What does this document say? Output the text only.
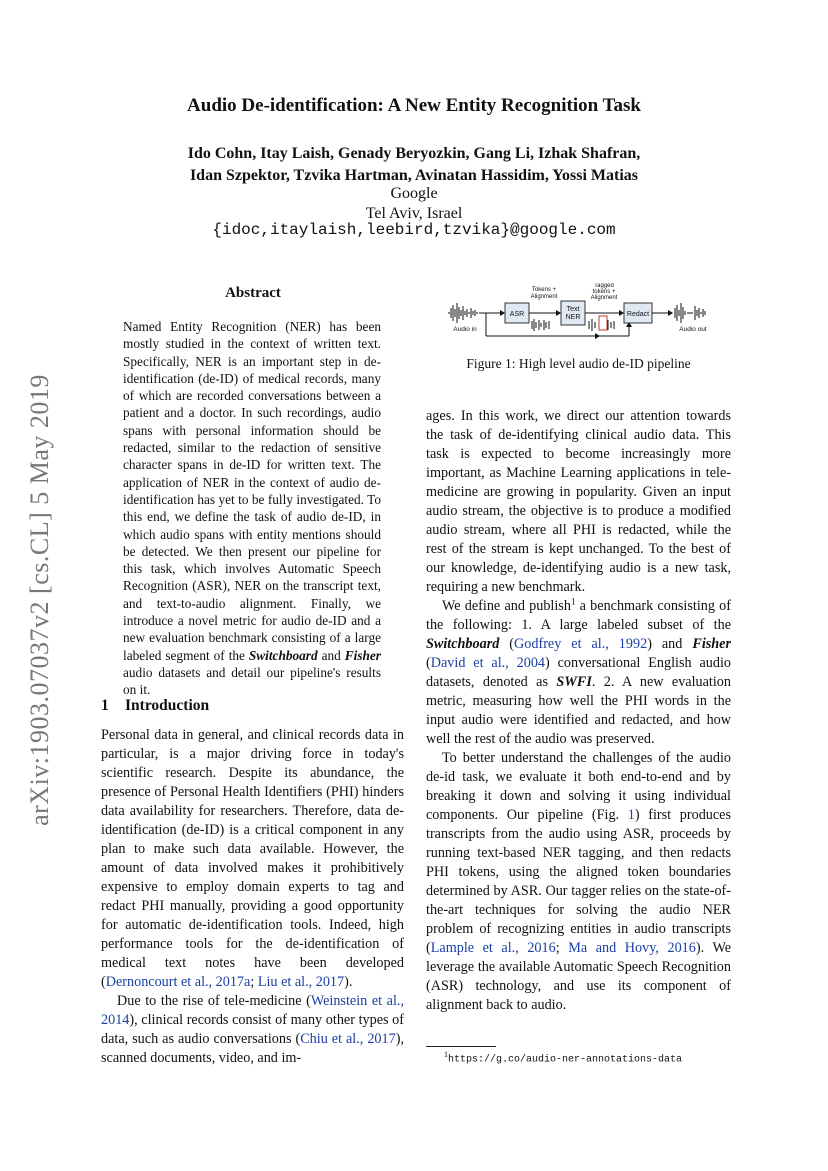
arXiv:1903.07037v2 [cs.CL] 5 May 2019
Audio De-identification: A New Entity Recognition Task
Ido Cohn, Itay Laish, Genady Beryozkin, Gang Li, Izhak Shafran,
Idan Szpektor, Tzvika Hartman, Avinatan Hassidim, Yossi Matias
Google
Tel Aviv, Israel
{idoc,itaylaish,leebird,tzvika}@google.com
Abstract
Named Entity Recognition (NER) has been mostly studied in the context of written text. Specifically, NER is an important step in de-identification (de-ID) of medical records, many of which are recorded conversations between a patient and a doctor. In such recordings, audio spans with personal information should be redacted, similar to the redaction of sensitive character spans in de-ID for written text. The application of NER in the context of audio de-identification has yet to be fully investigated. To this end, we define the task of audio de-ID, in which audio spans with entity mentions should be detected. We then present our pipeline for this task, which involves Automatic Speech Recognition (ASR), NER on the transcript text, and text-to-audio alignment. Finally, we introduce a novel metric for audio de-ID and a new evaluation benchmark consisting of a large labeled segment of the Switchboard and Fisher audio datasets and detail our pipeline's results on it.
1 Introduction

Personal data in general, and clinical records data in particular, is a major driving force in today's scientific research. Despite its abundance, the presence of Personal Health Identifiers (PHI) hinders data availability for researchers. Therefore, data de-identification (de-ID) is a critical component in any plan to make such data available. However, the amount of data involved makes it prohibitively expensive to employ domain experts to tag and redact PHI manually, providing a good opportunity for automatic de-identification tools. Indeed, high performance tools for the de-identification of medical text notes have been developed (Dernoncourt et al., 2017a; Liu et al., 2017).

Due to the rise of tele-medicine (Weinstein et al., 2014), clinical records consist of many other types of data, such as audio conversations (Chiu et al., 2017), scanned documents, video, and im-

ASR
Text
NER	Redact
Audio in	Audio out
Tokens +
Alignment
Tagged
tokens +
Alignment
Figure 1: High level audio de-ID pipeline

ages. In this work, we direct our attention towards the task of de-identifying clinical audio data. This task is expected to become increasingly more important, as Machine Learning applications in tele-medicine are growing in popularity. Given an input audio stream, the objective is to produce a modified audio stream, where all PHI is redacted, while the rest of the stream is kept unchanged. To the best of our knowledge, de-identifying audio is a new task, requiring a new benchmark.

We define and publish$^1$ a benchmark consisting of the following: 1. A large labeled subset of the Switchboard (Godfrey et al., 1992) and Fisher (David et al., 2004) conversational English audio datasets, denoted as SWFI. 2. A new evaluation metric, measuring how well the PHI words in the input audio were identified and redacted, and how well the rest of the audio was preserved.

To better understand the challenges of the audio de-id task, we evaluate it both end-to-end and by breaking it down and solving it using individual components. Our pipeline (Fig. 1) first produces transcripts from the audio using ASR, proceeds by running text-based NER tagging, and then redacts PHI tokens, using the aligned token boundaries determined by ASR. Our tagger relies on the state-of-the-art techniques for solving the audio NER problem of recognizing entities in audio transcripts (Lample et al., 2016; Ma and Hovy, 2016). We leverage the available Automatic Speech Recognition (ASR) technology, and use its component of alignment back to audio.

$^1$https://g.co/audio-ner-annotations-data
